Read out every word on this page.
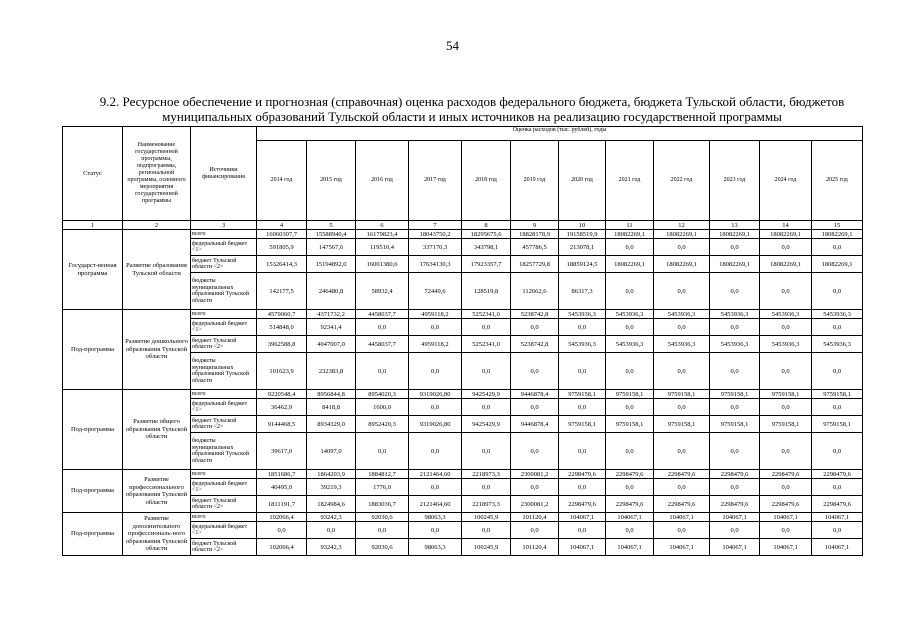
54
9.2. Ресурсное обеспечение и прогнозная (справочная) оценка расходов федерального бюджета, бюджета Тульской области, бюджетов
муниципальных образований Тульской области и иных источников на реализацию государственной программы
Статус	Наименование государственной программы, подпрограммы, региональной программы, основного мероприятия государственной программы	Источники финансирования	Оценка расходов (тыс. рублей), годы											
			2014 год	2015 год	2016 год	2017 год	2018 год	2019 год	2020 год	2021 год	2022 год	2023 год	2024 год	2025 год
1	2	3	4	5	6	7	8	9	10	11	12	13	14	15
Государст-венная программа	Развитие образования Тульской области	всего	16060307,7	15588940,4	16179823,4	18043750,2	18295675,6	18828178,9	19158519,9	18082269,1	18082269,1	18082269,1	18082269,1	18082269,1
		федеральный бюджет <1>	591805,9	147567,6	119510,4	337170,3	343798,1	457786,5	213078,1	0,0	0,0	0,0	0,0	0,0
		бюджет Тульской области <2>	15326414,3	15194892,0	16001380,6	17634130,3	17923357,7	18257729,8	18859124,5	18082269,1	18082269,1	18082269,1	18082269,1	18082269,1
		бюджеты муниципальных образований Тульской области	142177,5	246480,8	58932,4	72449,6	128519,8	112662,6	86317,3	0,0	0,0	0,0	0,0	0,0
Под-программа	Развитие дошкольного образования Тульской области	всего	4579060,7	4371732,2	4458037,7	4959118,2	5252341,0	5238742,8	5453936,3	5453936,3	5453936,3	5453936,3	5453936,3	5453936,3
		федеральный бюджет <1>	514848,0	92341,4	0,0	0,0	0,0	0,0	0,0	0,0	0,0	0,0	0,0	0,0
		бюджет Тульской области <2>	3962588,8	4047007,0	4458037,7	4959118,2	5252341,0	5238742,8	5453936,3	5453936,3	5453936,3	5453936,3	5453936,3	5453936,3
		бюджеты муниципальных образований Тульской области	101623,9	232383,8	0,0	0,0	0,0	0,0	0,0	0,0	0,0	0,0	0,0	0,0
Под-программа	Развитие общего образования Тульской области	всего	9220548,4	8956844,8	8954020,3	9319026,80	9425429,9	9446878,4	9759158,1	9759158,1	9759158,1	9759158,1	9759158,1	9759158,1
		федеральный бюджет <1>	36462,9	8418,8	1600,0	0,0	0,0	0,0	0,0	0,0	0,0	0,0	0,0	0,0
		бюджет Тульской области <2>	9144468,5	8934329,0	8952420,3	9319026,80	9425429,9	9446878,4	9759158,1	9759158,1	9759158,1	9759158,1	9759158,1	9759158,1
		бюджеты муниципальных образований Тульской области	39617,0	14097,0	0,0	0,0	0,0	0,0	0,0	0,0	0,0	0,0	0,0	0,0
Под-программа	Развитие профессионального образования Тульской области	всего	1851686,7	1864203,9	1884812,7	2121464,60	2218973,3	2300081,2	2298479,6	2298479,6	2298479,6	2298479,6	2298479,6	2298479,6
		федеральный бюджет <1>	40495,0	39219,3	1776,0	0,0	0,0	0,0	0,0	0,0	0,0	0,0	0,0	0,0
		бюджет Тульской области <2>	1811191,7	1824984,6	1883036,7	2121464,60	2218973,3	2300081,2	2298479,6	2298479,6	2298479,6	2298479,6	2298479,6	2298479,6
Под-программа	Развитие дополнительного профессиональ-ного образования Тульской области	всего	102066,4	93242,3	92030,6	98063,3	100245,9	101120,4	104067,1	104067,1	104067,1	104067,1	104067,1	104067,1
		федеральный бюджет <1>	0,0	0,0	0,0	0,0	0,0	0,0	0,0	0,0	0,0	0,0	0,0	0,0
		бюджет Тульской области <2>	102066,4	93242,3	92030,6	98063,3	100245,9	101120,4	104067,1	104067,1	104067,1	104067,1	104067,1	104067,1
